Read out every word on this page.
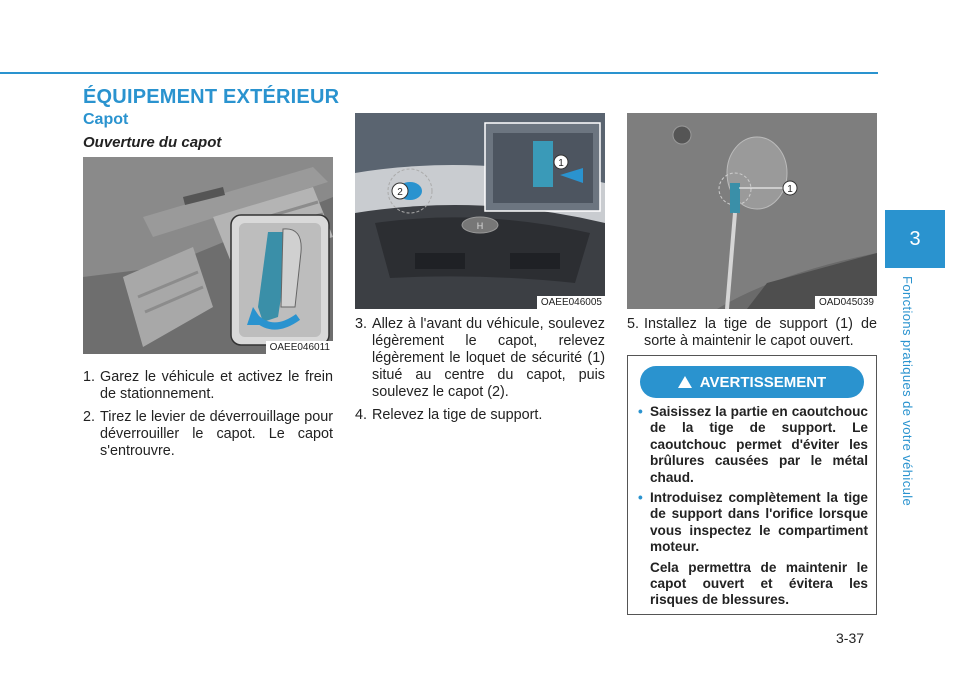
ÉQUIPEMENT EXTÉRIEUR
Capot
Ouverture du capot
OAEE046011
2
H
1
OAEE046005
1
OAD045039
1. Garez le véhicule et activez le frein de stationnement.
2. Tirez le levier de déverrouillage pour déverrouiller le capot. Le capot s'entrouvre.
3. Allez à l'avant du véhicule, soulevez légèrement le capot, relevez légèrement le loquet de sécurité (1) situé au centre du capot, puis soulevez le capot (2).
4. Relevez la tige de support.
5. Installez la tige de support (1) de sorte à maintenir le capot ouvert.
AVERTISSEMENT
• Saisissez la partie en caoutchouc de la tige de support. Le caoutchouc permet d'éviter les brûlures causées par le métal chaud.
• Introduisez complètement la tige de support dans l'orifice lorsque vous inspectez le compartiment moteur.
Cela permettra de maintenir le capot ouvert et évitera les risques de blessures.
3
Fonctions pratiques de votre véhicule
3-37
